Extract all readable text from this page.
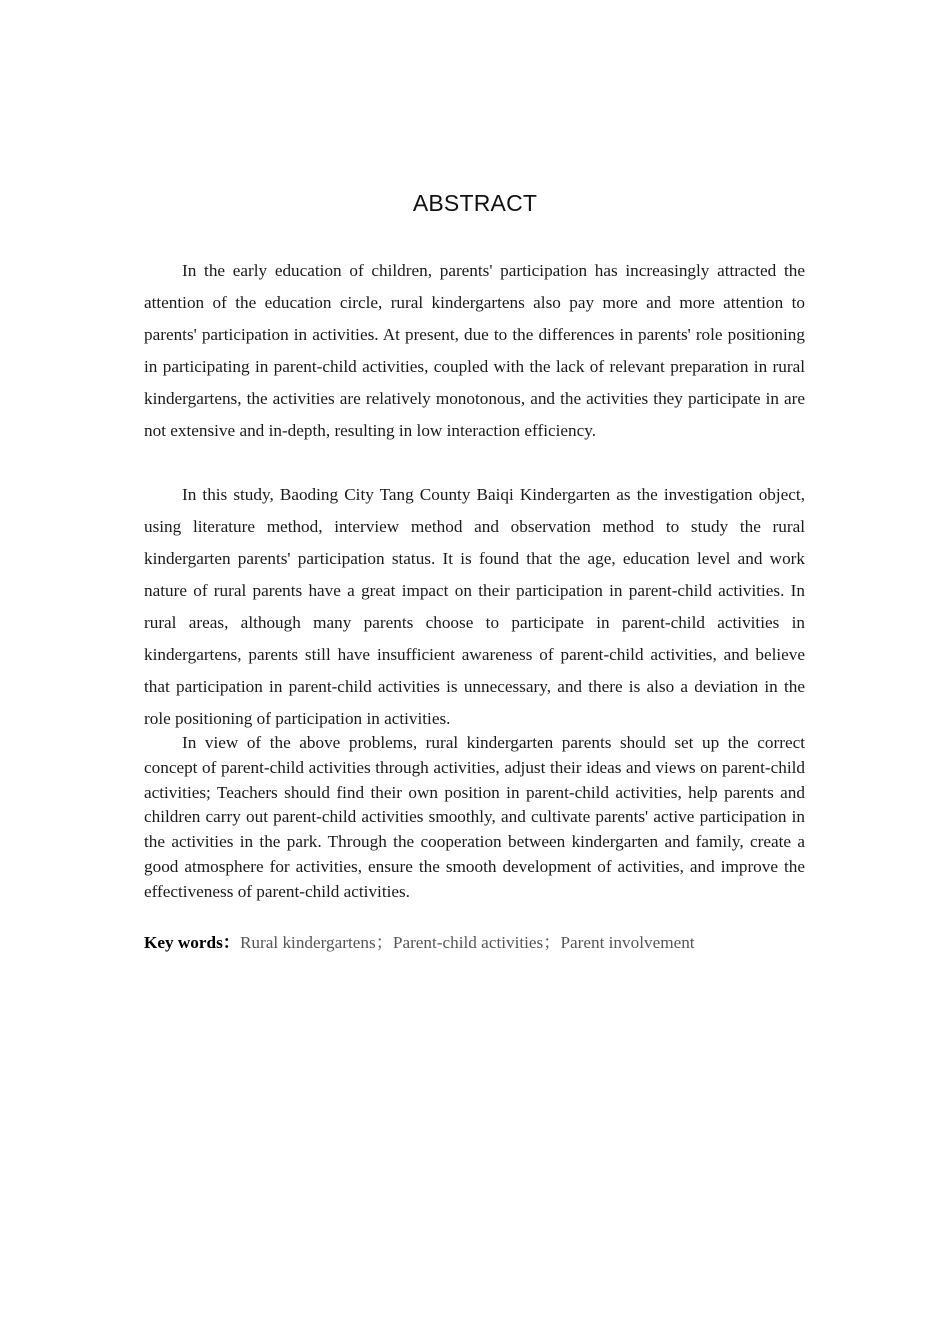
ABSTRACT

In the early education of children, parents' participation has increasingly attracted the attention of the education circle, rural kindergartens also pay more and more attention to parents' participation in activities. At present, due to the differences in parents' role positioning in participating in parent-child activities, coupled with the lack of relevant preparation in rural kindergartens, the activities are relatively monotonous, and the activities they participate in are not extensive and in-depth, resulting in low interaction efficiency.

In this study, Baoding City Tang County Baiqi Kindergarten as the investigation object, using literature method, interview method and observation method to study the rural kindergarten parents' participation status. It is found that the age, education level and work nature of rural parents have a great impact on their participation in parent-child activities. In rural areas, although many parents choose to participate in parent-child activities in kindergartens, parents still have insufficient awareness of parent-child activities, and believe that participation in parent-child activities is unnecessary, and there is also a deviation in the role positioning of participation in activities.

In view of the above problems, rural kindergarten parents should set up the correct concept of parent-child activities through activities, adjust their ideas and views on parent-child activities; Teachers should find their own position in parent-child activities, help parents and children carry out parent-child activities smoothly, and cultivate parents' active participation in the activities in the park. Through the cooperation between kindergarten and family, create a good atmosphere for activities, ensure the smooth development of activities, and improve the effectiveness of parent-child activities.

Key words：Rural kindergartens；Parent-child activities；Parent involvement
